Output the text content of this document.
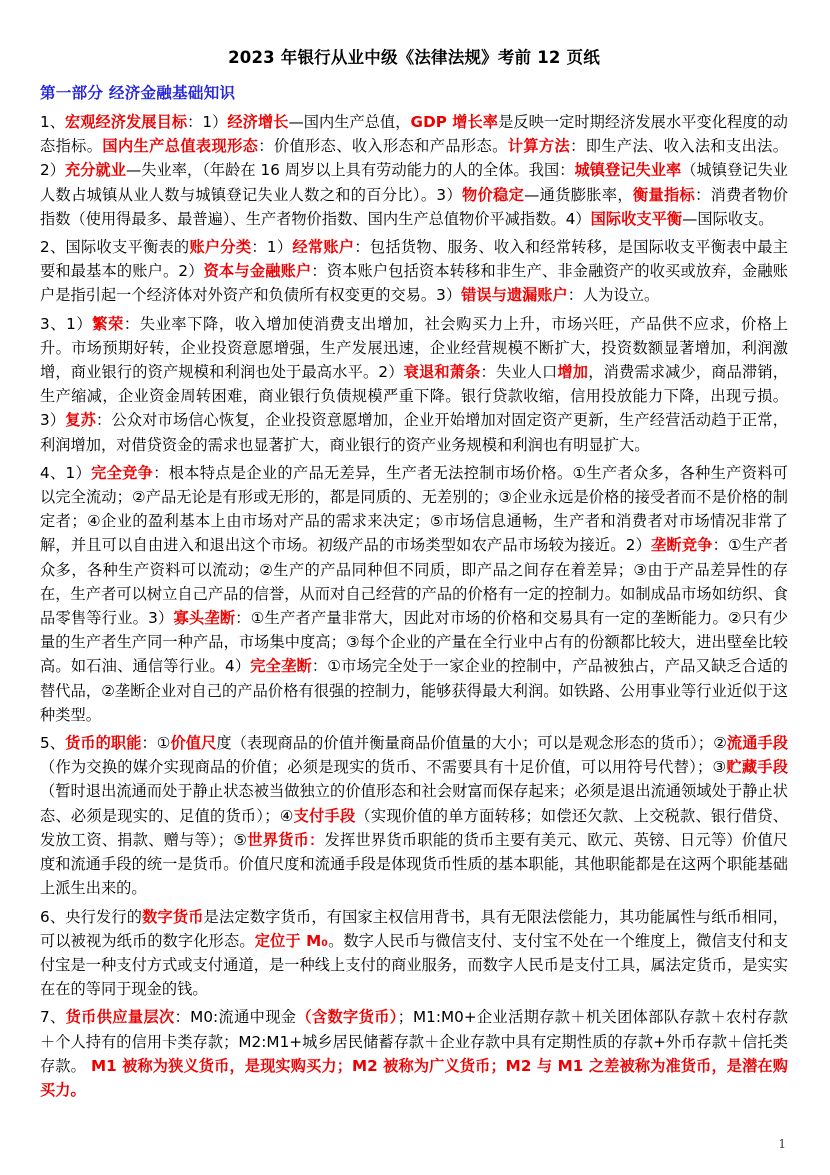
2023 年银行从业中级《法律法规》考前 12 页纸
第一部分 经济金融基础知识

1、宏观经济发展目标：1）经济增长—国内生产总值，GDP 增长率是反映一定时期经济发展水平变化程度的动态指标。国内生产总值表现形态：价值形态、收入形态和产品形态。计算方法：即生产法、收入法和支出法。2）充分就业—失业率，（年龄在 16 周岁以上具有劳动能力的人的全体。我国：城镇登记失业率（城镇登记失业人数占城镇从业人数与城镇登记失业人数之和的百分比）。3）物价稳定—通货膨胀率，衡量指标：消费者物价指数（使用得最多、最普遍）、生产者物价指数、国内生产总值物价平减指数。4）国际收支平衡—国际收支。

2、国际收支平衡表的账户分类：1）经常账户：包括货物、服务、收入和经常转移，是国际收支平衡表中最主要和最基本的账户。2）资本与金融账户：资本账户包括资本转移和非生产、非金融资产的收买或放弃，金融账户是指引起一个经济体对外资产和负债所有权变更的交易。3）错误与遗漏账户：人为设立。

3、1）繁荣：失业率下降，收入增加使消费支出增加，社会购买力上升，市场兴旺，产品供不应求，价格上升。市场预期好转，企业投资意愿增强，生产发展迅速，企业经营规模不断扩大，投资数额显著增加，利润激增，商业银行的资产规模和利润也处于最高水平。2）衰退和萧条：失业人口增加，消费需求减少，商品滞销，生产缩减，企业资金周转困难，商业银行负债规模严重下降。银行贷款收缩，信用投放能力下降，出现亏损。3）复苏：公众对市场信心恢复，企业投资意愿增加，企业开始增加对固定资产更新，生产经营活动趋于正常，利润增加，对借贷资金的需求也显著扩大，商业银行的资产业务规模和利润也有明显扩大。

4、1）完全竞争：根本特点是企业的产品无差异，生产者无法控制市场价格。①生产者众多，各种生产资料可以完全流动；②产品无论是有形或无形的，都是同质的、无差别的；③企业永远是价格的接受者而不是价格的制定者；④企业的盈利基本上由市场对产品的需求来决定；⑤市场信息通畅，生产者和消费者对市场情况非常了解，并且可以自由进入和退出这个市场。初级产品的市场类型如农产品市场较为接近。2）垄断竞争：①生产者众多，各种生产资料可以流动；②生产的产品同种但不同质，即产品之间存在着差异；③由于产品差异性的存在，生产者可以树立自己产品的信誉，从而对自己经营的产品的价格有一定的控制力。如制成品市场如纺织、食品零售等行业。3）寡头垄断：①生产者产量非常大，因此对市场的价格和交易具有一定的垄断能力。②只有少量的生产者生产同一种产品，市场集中度高；③每个企业的产量在全行业中占有的份额都比较大，进出壁垒比较高。如石油、通信等行业。4）完全垄断：①市场完全处于一家企业的控制中，产品被独占，产品又缺乏合适的替代品，②垄断企业对自己的产品价格有很强的控制力，能够获得最大利润。如铁路、公用事业等行业近似于这种类型。

5、货币的职能：①价值尺度（表现商品的价值并衡量商品价值量的大小；可以是观念形态的货币）；②流通手段（作为交换的媒介实现商品的价值；必须是现实的货币、不需要具有十足价值，可以用符号代替）；③贮藏手段（暂时退出流通而处于静止状态被当做独立的价值形态和社会财富而保存起来；必须是退出流通领域处于静止状态、必须是现实的、足值的货币）；④支付手段（实现价值的单方面转移；如偿还欠款、上交税款、银行借贷、发放工资、捐款、赠与等）；⑤世界货币：发挥世界货币职能的货币主要有美元、欧元、英镑、日元等）价值尺度和流通手段的统一是货币。价值尺度和流通手段是体现货币性质的基本职能，其他职能都是在这两个职能基础上派生出来的。

6、央行发行的数字货币是法定数字货币，有国家主权信用背书，具有无限法偿能力，其功能属性与纸币相同，可以被视为纸币的数字化形态。定位于 M₀。数字人民币与微信支付、支付宝不处在一个维度上，微信支付和支付宝是一种支付方式或支付通道，是一种线上支付的商业服务，而数字人民币是支付工具，属法定货币，是实实在在的等同于现金的钱。

7、货币供应量层次：M0:流通中现金（含数字货币）；M1:M0+企业活期存款＋机关团体部队存款＋农村存款＋个人持有的信用卡类存款；M2:M1+城乡居民储蓄存款＋企业存款中具有定期性质的存款+外币存款＋信托类存款。 M1 被称为狭义货币，是现实购买力；M2 被称为广义货币；M2 与 M1 之差被称为准货币，是潜在购买力。

1
